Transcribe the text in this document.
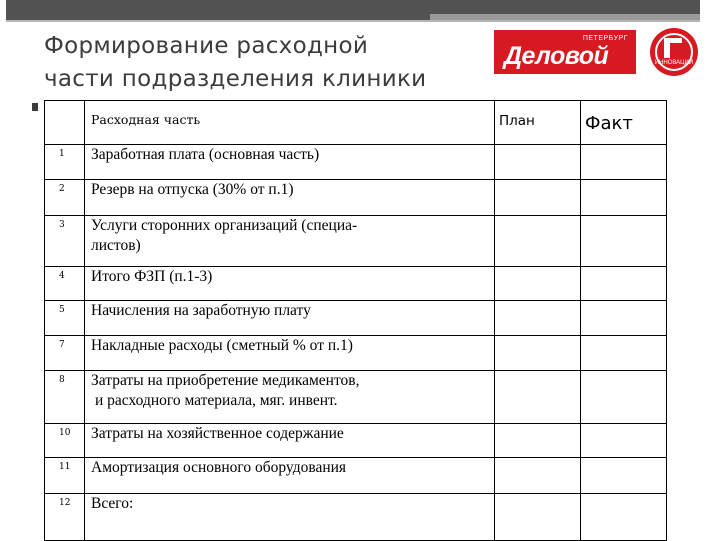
Формирование расходной
части подразделения клиники
ПЕТЕРБУРГ
Деловой	ИННОВАЦИИ
	Расходная часть	План	Факт
1	Заработная плата (основная часть)		

2	Резерв на отпуска (30% от п.1)		

3	Услуги сторонних организаций (специа-
листов)		

4	Итого ФЗП (п.1-3)		

5	Начисления на заработную плату		

7	Накладные расходы (сметный % от п.1)		

8	Затраты на приобретение медикаментов,
и расходного материала, мяг. инвент.		

10	Затраты на хозяйственное содержание		

11	Амортизация основного оборудования		

12	Всего:		
